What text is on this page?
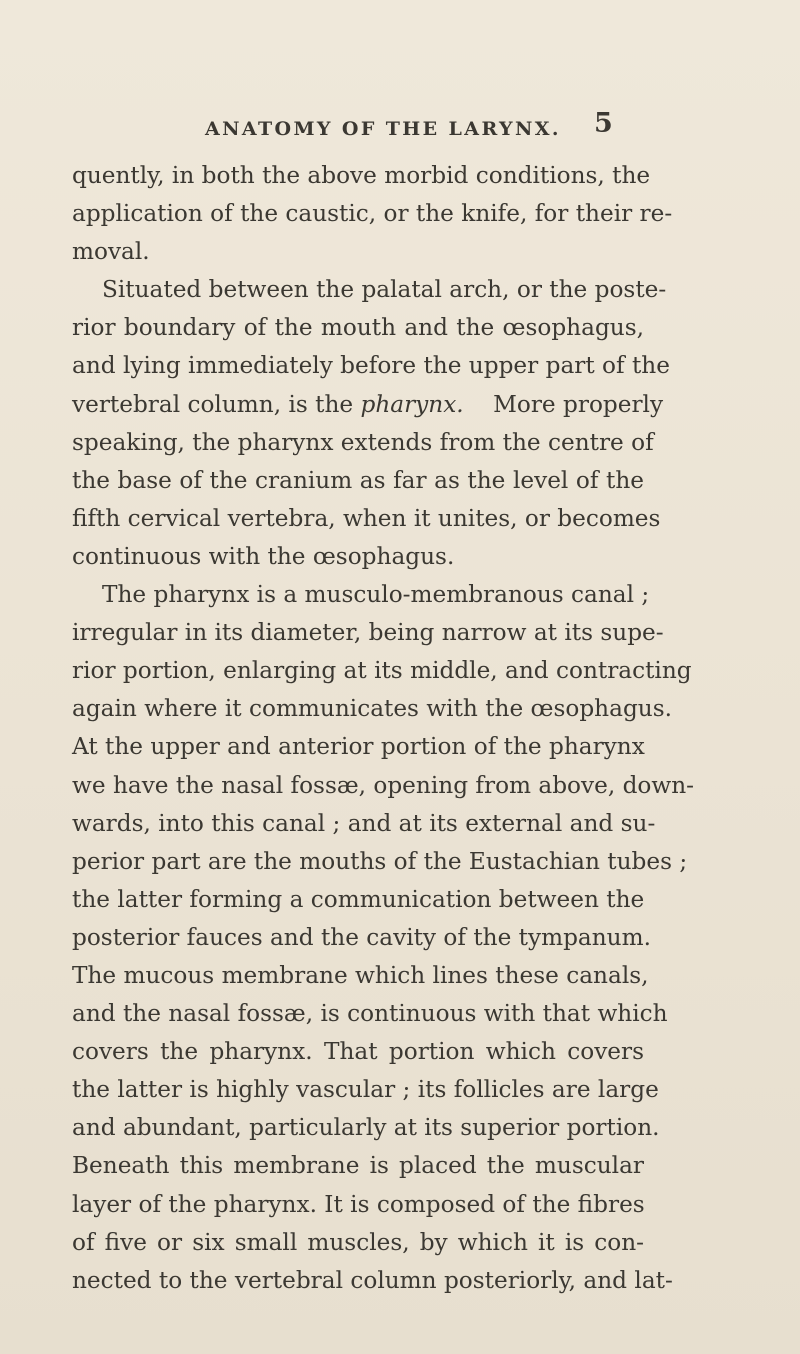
ANATOMY OF THE LARYNX.	5
quently, in both the above morbid conditions, the
application of the caustic, or the knife, for their re-
moval.
Situated between the palatal arch, or the poste-
rior boundary of the mouth and the œsophagus,
and lying immediately before the upper part of the
vertebral column, is the pharynx. More properly
speaking, the pharynx extends from the centre of
the base of the cranium as far as the level of the
fifth cervical vertebra, when it unites, or becomes
continuous with the œsophagus.
The pharynx is a musculo-membranous canal ;
irregular in its diameter, being narrow at its supe-
rior portion, enlarging at its middle, and contracting
again where it communicates with the œsophagus.
At the upper and anterior portion of the pharynx
we have the nasal fossæ, opening from above, down-
wards, into this canal ; and at its external and su-
perior part are the mouths of the Eustachian tubes ;
the latter forming a communication between the
posterior fauces and the cavity of the tympanum.
The mucous membrane which lines these canals,
and the nasal fossæ, is continuous with that which
covers the pharynx. That portion which covers
the latter is highly vascular ; its follicles are large
and abundant, particularly at its superior portion.
Beneath this membrane is placed the muscular
layer of the pharynx. It is composed of the fibres
of five or six small muscles, by which it is con-
nected to the vertebral column posteriorly, and lat-
